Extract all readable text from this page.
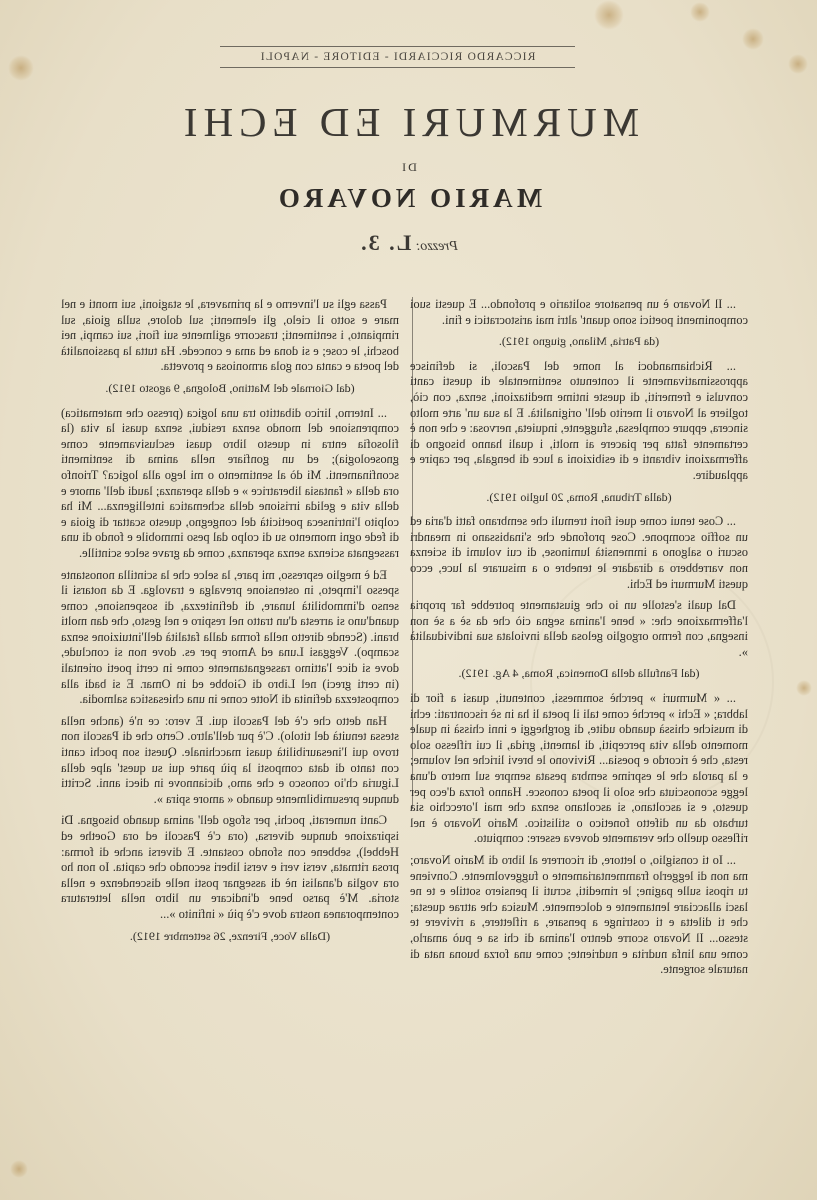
RICCARDO RICCIARDI - EDITORE - NAPOLI
MURMURI ED ECHI
DI
MARIO NOVARO
Prezzo: L. 3.

... Il Novaro è un pensatore solitario e profondo... E questi suoi componimenti poetici sono quant' altri mai aristocratici e fini.

(da Patria, Milano, giugno 1912).

... Richiamandoci al nome del Pascoli, si definisce approssimativamente il contenuto sentimentale di questi canti convulsi e fremeriti, di queste intime meditazioni, senza, con ciò, togliere al Novaro il merito dell' originalità. E la sua un' arte molto sincera, eppure complessa, sfuggente, inquieta, nervosa: e che non è certamente fatta per piacere ai molti, i quali hanno bisogno di affermazioni vibranti e di esibizioni a luce di bengala, per capire e applaudire.

(dalla Tribuna, Roma, 20 luglio 1912).

... Cose tenui come quei fiori tremuli che sembrano fatti d'aria ed un soffio scompone. Cose profonde che s'inabissano in meandri oscuri o salgono a immensità luminose, di cui volumi di scienza non varrebbero a diradare le tenebre o a misurare la luce, ecco questi Murmuri ed Echi.

Dal quali s'estolle un io che giustamente potrebbe far propria l'affermazione che: « bene l'anima segna ciò che da sè a sè non insegna, con fermo orgoglio gelosa della inviolata sua individualità ».

(dal Fanfulla della Domenica, Roma, 4 Ag. 1912).

... « Murmuri » perchè sommessi, contenuti, quasi a fior di labbra; « Echi » perchè come tali il poeta li ha in sè riscontrati: echi di musiche chissà quando udite, di gorgheggi e inni chissà in quale momento della vita percepiti, di lamenti, grida, il cui riflesso solo resta, che è ricordo e poesia... Rivivono le brevi liriche nel volume; e la parola che le esprime sembra pesata sempre sul metro d'una legge sconosciuta che solo il poeta conosce. Hanno forza d'eco per questo, e si ascoltano, si ascoltano senza che mai l'orecchio sia turbato da un difetto fonetico o stilistico. Mario Novaro è nel riflesso quello che veramente doveva essere: compiuto.

... Io ti consiglio, o lettore, di ricorrere al libro di Mario Novaro; ma non di leggerlo frammentariamente o fuggevolmente. Conviene tu riposi sulle pagine; le rimediti, scruti il pensiero sottile e te ne lasci allacciare lentamente e dolcemente. Musica che attrae questa; che ti diletta e ti costringe a pensare, a riflettere, a rivivere te stesso... Il Novaro scorre dentro l'anima di chi sa e può amarlo, come una linfa nudrita e nudriente; come una forza buona nata di naturale sorgente.

Passa egli su l'inverno e la primavera, le stagioni, sui monti e nel mare e sotto il cielo, gli elementi; sul dolore, sulla gioia, sul rimpianto, i sentimenti; trascorre agilmente sui fiori, sui campi, nei boschi, le cose; e si dona ed ama e concede. Ha tutta la passionalità del poeta e canta con gola armoniosa e provetta.

(dal Giornale del Mattino, Bologna, 9 agosto 1912).

... Interno, lirico dibattito tra una logica (presso che matematica) comprensione del mondo senza residui, senza quasi la vita (la filosofia entra in questo libro quasi esclusivamente come gnoseologia); ed un gonfiare nella anima di sentimenti sconfinamenti. Mi dò al sentimento o mi lego alla logica? Trionfo ora della « fantasia liberatrice » e della speranza; laudi dell' amore e della vita e gelida irrisione della schematica intelligenza... Mi ha colpito l'intrinseca poeticità del congegno, questo scattar di gioia e di fede ogni momento su di colpo dal peso immobile e fondo di una rassegnata scienza senza speranza, come da grave selce scintille.

Ed è meglio espresso, mi pare, la selce che la scintilla nonostante spesso l'impeto, in ostensione prevalga e travolga. E da notarsi il senso d'immobilità lunare, di definitezza, di sospensione, come quand'uno si arresta d'un tratto nel respiro e nel gesto, che dan molti brani. (Scende diretto nella forma dalla fatalità dell'intuizione senza scampo). Veggasi Luna ed Amore per es. dove non si conclude, dove si dice l'attimo rassegnatamente come in certi poeti orientali (in certi greci) nel Libro di Giobbe ed in Omar. E si badi alla compostezza definita di Notte come in una chiesastica salmodia.

Han detto che c'è del Pascoli qui. E vero: ce n'è (anche nella stessa tenuità del titolo). C'è pur dell'altro. Certo che di Pascoli non trovo qui l'inesauribilità quasi macchinale. Questi son pochi canti con tanto di data composti la più parte qui su quest' alpe della Liguria ch'io conosco e che amo, diciannove in dieci anni. Scritti dunque presumibilmente quando « amore spira ».

Canti numerati, pochi, per sfogo dell' anima quando bisogna. Di ispirazione dunque diversa, (ora c'è Pascoli ed ora Goethe ed Hebbel), sebbene con sfondo costante. E diversi anche di forma: prosa ritmata, versi veri e versi liberi secondo che capita. Io non ho ora voglia d'analisi nè di assegnar posti nelle discendenze e nella storia. M'è parso bene d'indicare un libro nella letteratura contemporanea nostra dove c'è più « infinito »...

(Dalla Voce, Firenze, 26 settembre 1912).
